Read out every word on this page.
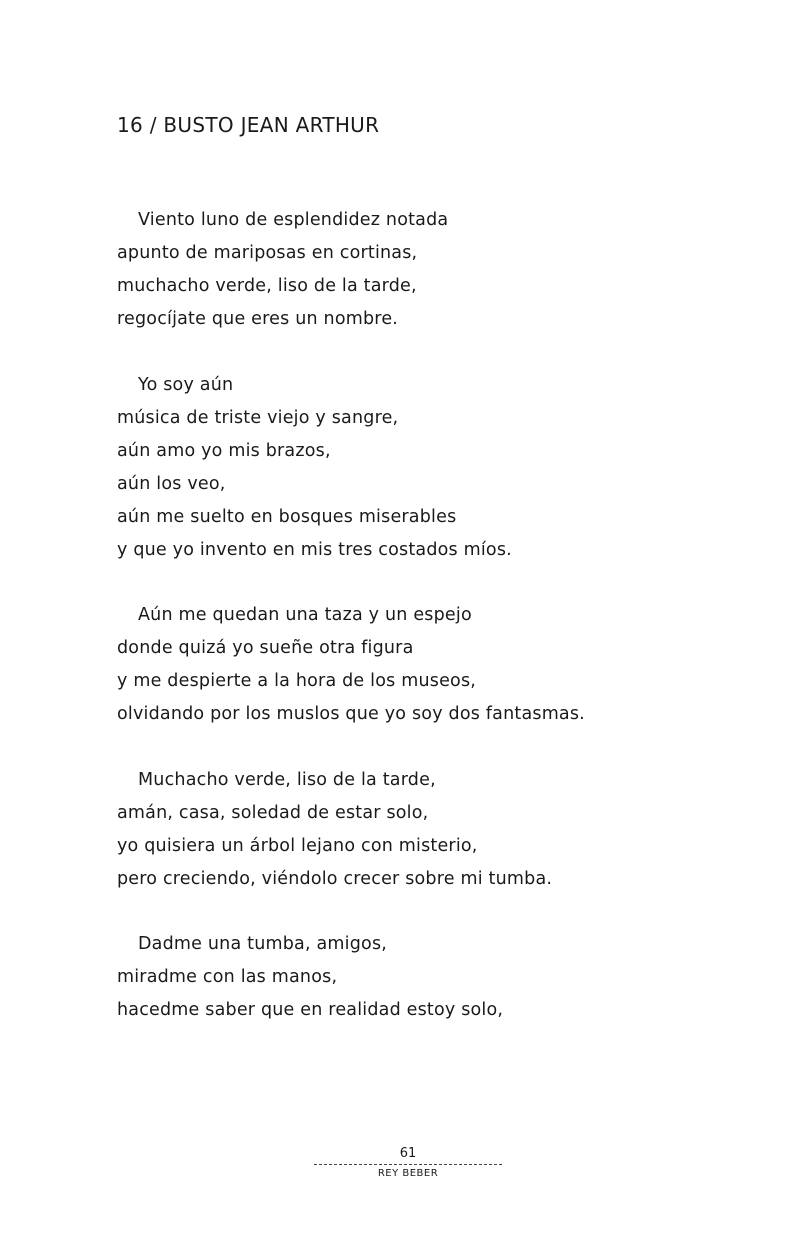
16 / BUSTO JEAN ARTHUR
Viento luno de esplendidez notada
apunto de mariposas en cortinas,
muchacho verde, liso de la tarde,
regocíjate que eres un nombre.
Yo soy aún
música de triste viejo y sangre,
aún amo yo mis brazos,
aún los veo,
aún me suelto en bosques miserables
y que yo invento en mis tres costados míos.
Aún me quedan una taza y un espejo
donde quizá yo sueñe otra figura
y me despierte a la hora de los museos,
olvidando por los muslos que yo soy dos fantasmas.
Muchacho verde, liso de la tarde,
amán, casa, soledad de estar solo,
yo quisiera un árbol lejano con misterio,
pero creciendo, viéndolo crecer sobre mi tumba.
Dadme una tumba, amigos,
miradme con las manos,
hacedme saber que en realidad estoy solo,
61
REY BEBER
